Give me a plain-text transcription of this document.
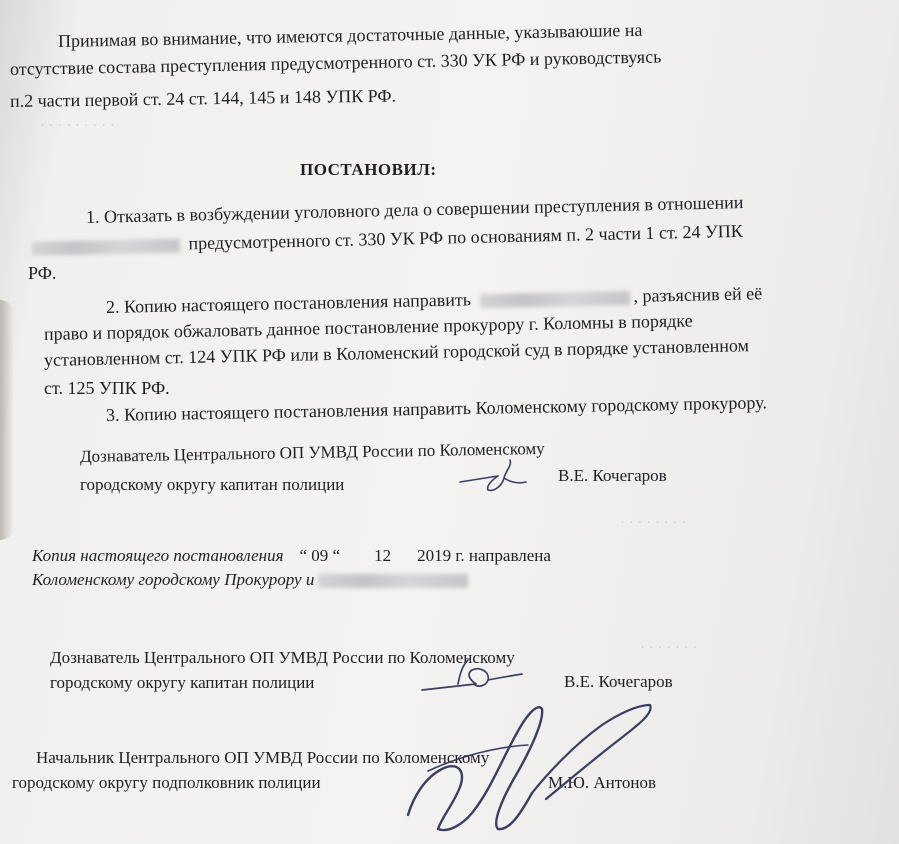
· · · · · · · · ·
· · · · · · · ·
· · · · · · ·
Принимая во внимание, что имеются достаточные данные, указываюшие на
отсутствие состава преступления предусмотренного ст. 330 УК РФ и руководствуясь
п.2 части первой ст. 24 ст. 144, 145 и 148 УПК РФ.
ПОСТАНОВИЛ:
1. Отказать в возбуждении уголовного дела о совершении преступления в отношении
предусмотренного ст. 330 УК РФ по основаниям п. 2 части 1 ст. 24 УПК
РФ.
2. Копию настоящего постановления направить	, разъяснив ей её
право и порядок обжаловать данное постановление прокурору г. Коломны в порядке
установленном ст. 124 УПК РФ или в Коломенский городской суд в порядке установленном
ст. 125 УПК РФ.
3. Копию настоящего постановления направить Коломенскому городскому прокурору.
Дознаватель Центрального ОП УМВД России по Коломенскому
городскому округу капитан полиции	В.Е. Кочегаров
Копия настоящего постановления “ 09 “ 12 2019 г. направлена
Коломенскому городскому Прокурору и
Дознаватель Центрального ОП УМВД России по Коломенскому
городскому округу капитан полиции	В.Е. Кочегаров
Начальник Центрального ОП УМВД России по Коломенскому
городскому округу подполковник полиции	М.Ю. Антонов
